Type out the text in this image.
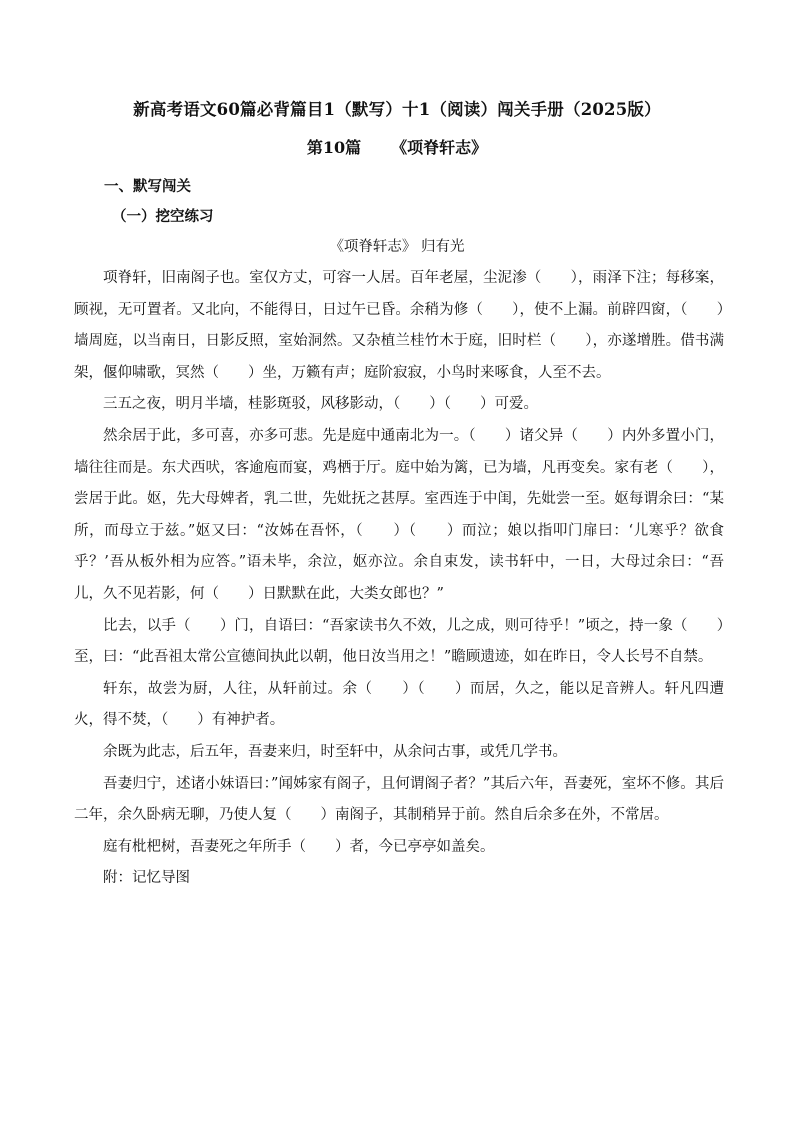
新高考语文60篇必背篇目1（默写）十1（阅读）闯关手册（2025版）
第10篇 《项脊轩志》
一、默写闯关
（一）挖空练习
《项脊轩志》 归有光

项脊轩，旧南阁子也。室仅方丈，可容一人居。百年老屋，尘泥渗（　　），雨泽下注；每移案，顾视，无可置者。又北向，不能得日，日过午已昏。余稍为修（　　），使不上漏。前辟四窗，（　　）墙周庭，以当南日，日影反照，室始洞然。又杂植兰桂竹木于庭，旧时栏（　　），亦遂增胜。借书满架，偃仰啸歌，冥然（　　）坐，万籁有声；庭阶寂寂，小鸟时来啄食，人至不去。

三五之夜，明月半墙，桂影斑驳，风移影动，（　　）（　　）可爱。

然余居于此，多可喜，亦多可悲。先是庭中通南北为一。（　　）诸父异（　　）内外多置小门，墙往往而是。东犬西吠，客逾庖而宴，鸡栖于厅。庭中始为篱，已为墙，凡再变矣。家有老（　　），尝居于此。妪，先大母婢者，乳二世，先妣抚之甚厚。室西连于中闺，先妣尝一至。妪每谓余曰：“某所，而母立于兹。”妪又曰：“汝姊在吾怀，（　　）（　　）而泣；娘以指叩门扉曰：‘儿寒乎？欲食乎？’吾从板外相为应答。”语未毕，余泣，妪亦泣。余自束发，读书轩中，一日，大母过余曰：“吾儿，久不见若影，何（　　）日默默在此，大类女郎也？”

比去，以手（　　）门，自语曰：“吾家读书久不效，儿之成，则可待乎！”顷之，持一象（　　）至，曰：“此吾祖太常公宣德间执此以朝，他日汝当用之！”瞻顾遗迹，如在昨日，令人长号不自禁。

轩东，故尝为厨，人往，从轩前过。余（　　）（　　）而居，久之，能以足音辨人。轩凡四遭火，得不焚，（　　）有神护者。

余既为此志，后五年，吾妻来归，时至轩中，从余问古事，或凭几学书。

吾妻归宁，述诸小妹语曰：”闻姊家有阁子，且何谓阁子者？”其后六年，吾妻死，室坏不修。其后二年，余久卧病无聊，乃使人复（　　）南阁子，其制稍异于前。然自后余多在外，不常居。

庭有枇杷树，吾妻死之年所手（　　）者，今已亭亭如盖矣。

附：记忆导图
